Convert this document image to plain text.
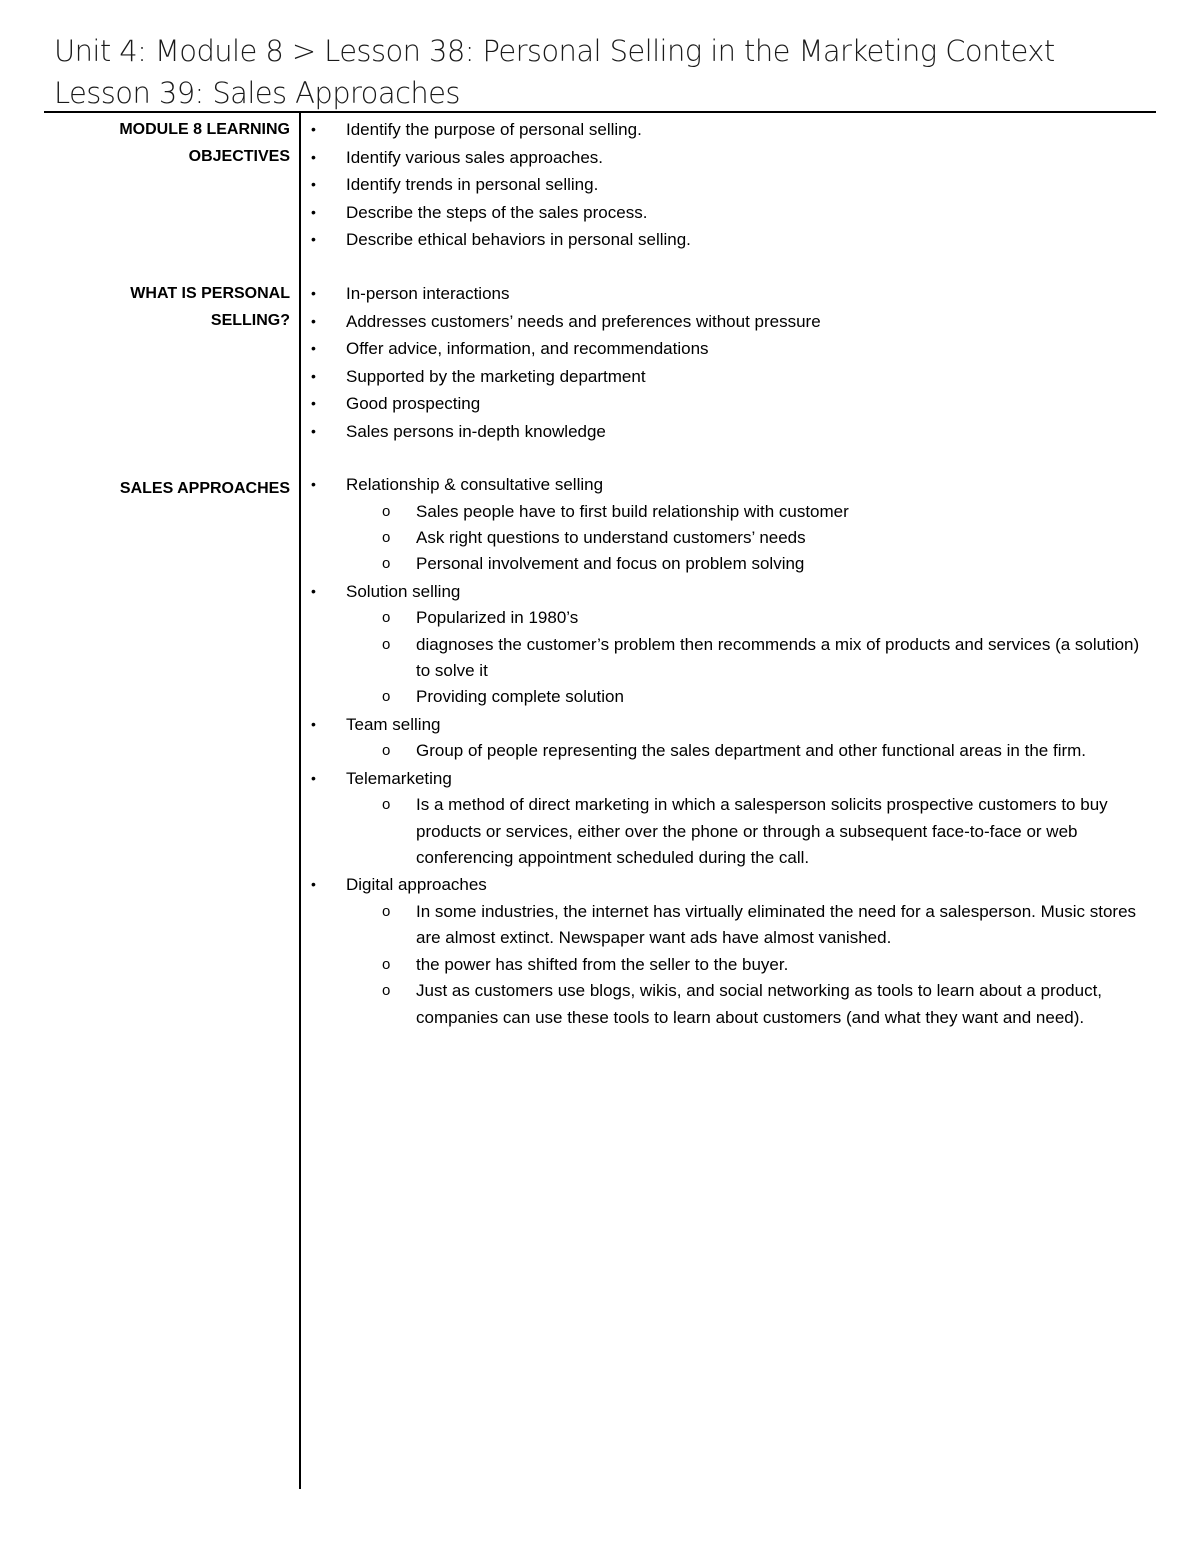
Unit 4: Module 8 > Lesson 38: Personal Selling in the Marketing Context
Lesson 39: Sales Approaches
MODULE 8 LEARNING
OBJECTIVES
• Identify the purpose of personal selling.
• Identify various sales approaches.
• Identify trends in personal selling.
• Describe the steps of the sales process.
• Describe ethical behaviors in personal selling.
WHAT IS PERSONAL
SELLING?
• In-person interactions
• Addresses customers’ needs and preferences without pressure
• Offer advice, information, and recommendations
• Supported by the marketing department
• Good prospecting
• Sales persons in-depth knowledge
SALES APPROACHES • Relationship & consultative selling
o Sales people have to first build relationship with customer
o Ask right questions to understand customers’ needs
o Personal involvement and focus on problem solving
• Solution selling
o Popularized in 1980’s
o diagnoses the customer’s problem then recommends a mix of products and services (a solution) to solve it
o Providing complete solution
• Team selling
o Group of people representing the sales department and other functional areas in the firm.
• Telemarketing
o Is a method of direct marketing in which a salesperson solicits prospective customers to buy products or services, either over the phone or through a subsequent face-to-face or web conferencing appointment scheduled during the call.
• Digital approaches
o In some industries, the internet has virtually eliminated the need for a salesperson. Music stores are almost extinct. Newspaper want ads have almost vanished.
o the power has shifted from the seller to the buyer.
o Just as customers use blogs, wikis, and social networking as tools to learn about a product, companies can use these tools to learn about customers (and what they want and need).
